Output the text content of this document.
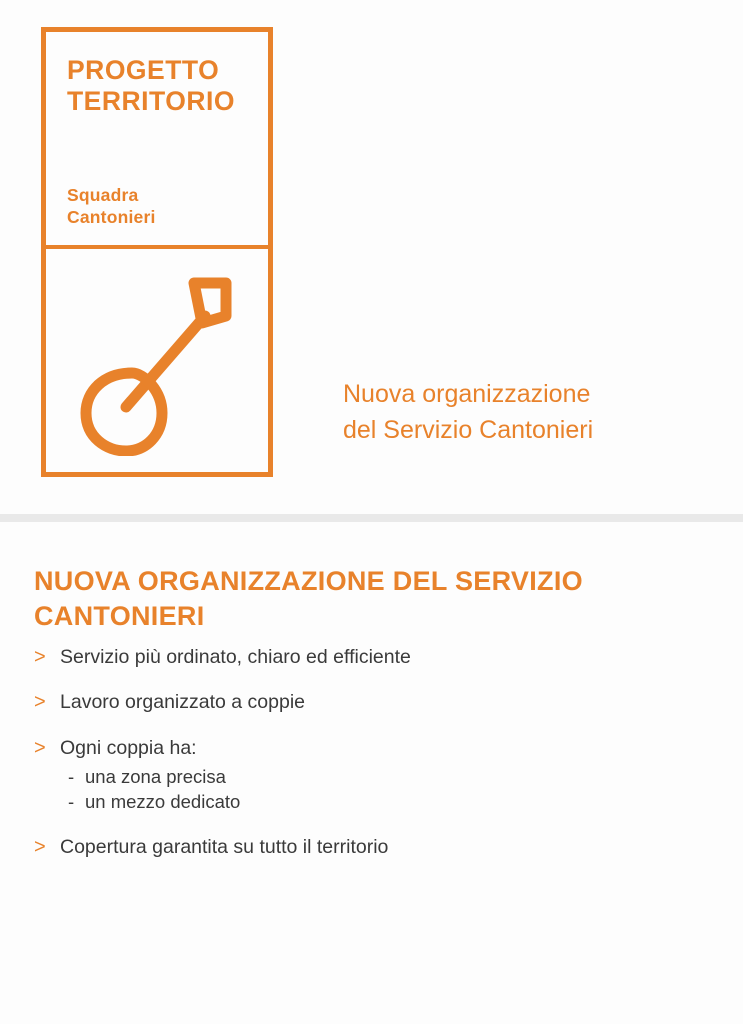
PROGETTO
TERRITORIO
Squadra
Cantonieri
Nuova organizzazione
del Servizio Cantonieri
NUOVA ORGANIZZAZIONE DEL SERVIZIO CANTONIERI
> Servizio più ordinato, chiaro ed efficiente
> Lavoro organizzato a coppie
> Ogni coppia ha:
- una zona precisa
- un mezzo dedicato
> Copertura garantita su tutto il territorio
